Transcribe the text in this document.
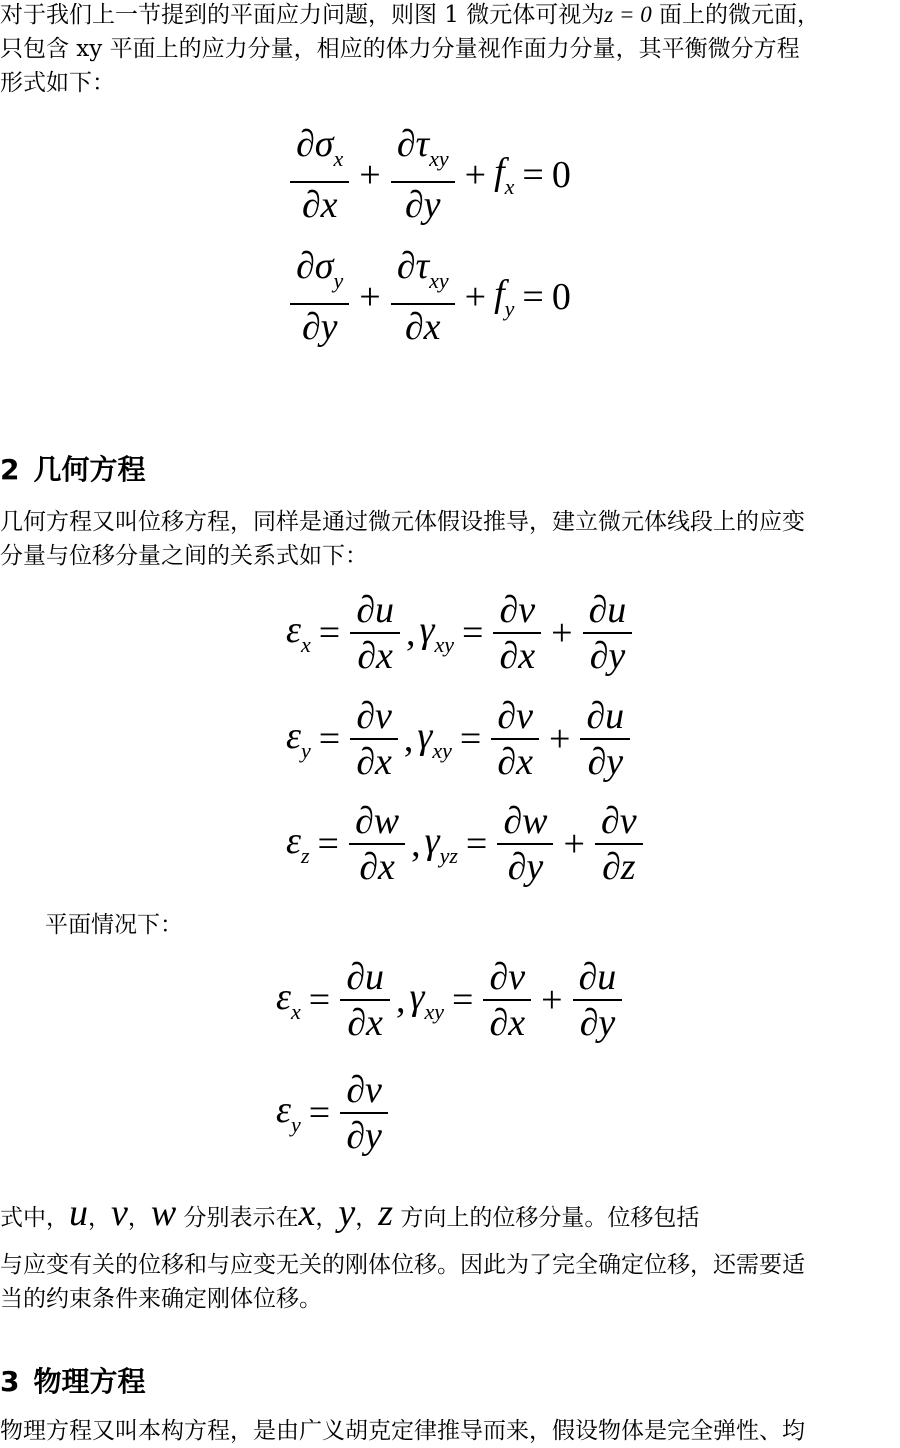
对于我们上一节提到的平面应力问题，则图 1 微元体可视为z = 0 面上的微元面，

只包含 xy 平面上的应力分量，相应的体力分量视作面力分量，其平衡微分方程

形式如下：

$\frac{\partial\sigma_x}{\partial x} + \frac{\partial\tau_{xy}}{\partial y} + f_x = 0$
$\frac{\partial\sigma_y}{\partial y} + \frac{\partial\tau_{xy}}{\partial x} + f_y = 0$
2 几何方程

几何方程又叫位移方程，同样是通过微元体假设推导，建立微元体线段上的应变

分量与位移分量之间的关系式如下：

$\varepsilon_x = \frac{\partial u}{\partial x}$ , $\gamma_{xy} = \frac{\partial v}{\partial x} + \frac{\partial u}{\partial y}$
$\varepsilon_y = \frac{\partial v}{\partial x}$ , $\gamma_{xy} = \frac{\partial v}{\partial x} + \frac{\partial u}{\partial y}$
$\varepsilon_z = \frac{\partial w}{\partial x}$ , $\gamma_{yz} = \frac{\partial w}{\partial y} + \frac{\partial v}{\partial z}$

平面情况下：

$\varepsilon_x = \frac{\partial u}{\partial x}$ , $\gamma_{xy} = \frac{\partial v}{\partial x} + \frac{\partial u}{\partial y}$
$\varepsilon_y = \frac{\partial v}{\partial y}$

式中，u，v，w 分别表示在x，y，z 方向上的位移分量。位移包括

与应变有关的位移和与应变无关的刚体位移。因此为了完全确定位移，还需要适

当的约束条件来确定刚体位移。

3 物理方程

物理方程又叫本构方程，是由广义胡克定律推导而来，假设物体是完全弹性、均
